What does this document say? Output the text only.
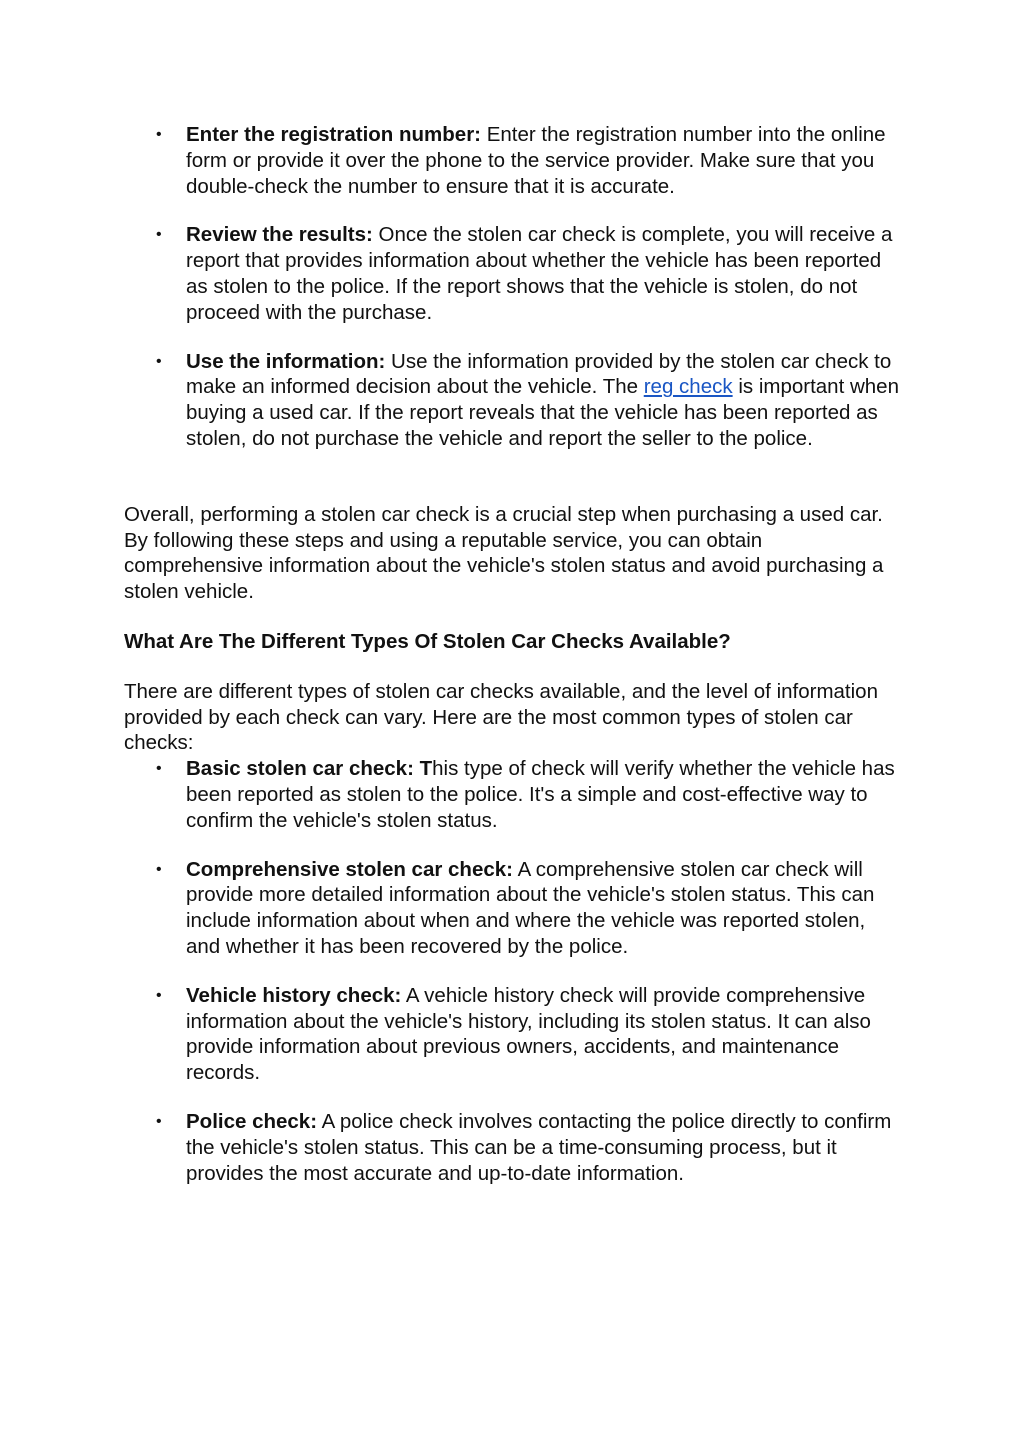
• Enter the registration number: Enter the registration number into the online form or provide it over the phone to the service provider. Make sure that you double-check the number to ensure that it is accurate.
• Review the results: Once the stolen car check is complete, you will receive a report that provides information about whether the vehicle has been reported as stolen to the police. If the report shows that the vehicle is stolen, do not proceed with the purchase.
• Use the information: Use the information provided by the stolen car check to make an informed decision about the vehicle. The reg check is important when buying a used car. If the report reveals that the vehicle has been reported as stolen, do not purchase the vehicle and report the seller to the police.

Overall, performing a stolen car check is a crucial step when purchasing a used car. By following these steps and using a reputable service, you can obtain comprehensive information about the vehicle's stolen status and avoid purchasing a stolen vehicle.

What Are The Different Types Of Stolen Car Checks Available?

There are different types of stolen car checks available, and the level of information provided by each check can vary. Here are the most common types of stolen car checks:

• Basic stolen car check: This type of check will verify whether the vehicle has been reported as stolen to the police. It's a simple and cost-effective way to confirm the vehicle's stolen status.
• Comprehensive stolen car check: A comprehensive stolen car check will provide more detailed information about the vehicle's stolen status. This can include information about when and where the vehicle was reported stolen, and whether it has been recovered by the police.
• Vehicle history check: A vehicle history check will provide comprehensive information about the vehicle's history, including its stolen status. It can also provide information about previous owners, accidents, and maintenance records.
• Police check: A police check involves contacting the police directly to confirm the vehicle's stolen status. This can be a time-consuming process, but it provides the most accurate and up-to-date information.
